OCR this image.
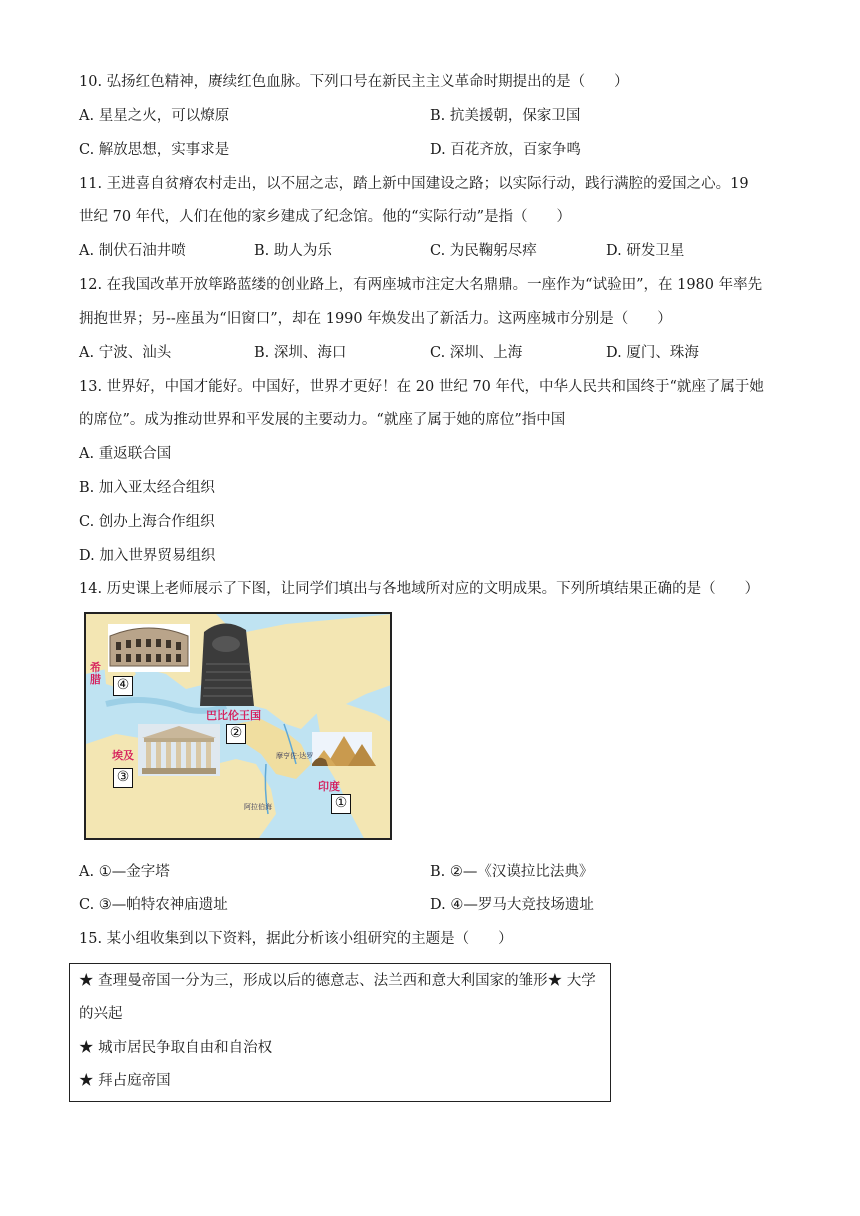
10. 弘扬红色精神，赓续红色血脉。下列口号在新民主主义革命时期提出的是（　　）
A. 星星之火，可以燎原	B. 抗美援朝，保家卫国
C. 解放思想，实事求是	D. 百花齐放，百家争鸣
11. 王进喜自贫瘠农村走出，以不屈之志，踏上新中国建设之路；以实际行动，践行满腔的爱国之心。19
世纪 70 年代，人们在他的家乡建成了纪念馆。他的“实际行动”是指（　　）
A. 制伏石油井喷	B. 助人为乐	C. 为民鞠躬尽瘁	D. 研发卫星
12. 在我国改革开放筚路蓝缕的创业路上，有两座城市注定大名鼎鼎。一座作为“试验田”，在 1980 年率先
拥抱世界；另--座虽为“旧窗口”，却在 1990 年焕发出了新活力。这两座城市分别是（　　）
A. 宁波、汕头	B. 深圳、海口	C. 深圳、上海	D. 厦门、珠海
13. 世界好，中国才能好。中国好，世界才更好！在 20 世纪 70 年代，中华人民共和国终于“就座了属于她
的席位”。成为推动世界和平发展的主要动力。“就座了属于她的席位”指中国
A. 重返联合国
B. 加入亚太经合组织
C. 创办上海合作组织
D. 加入世界贸易组织
14. 历史课上老师展示了下图，让同学们填出与各地域所对应的文明成果。下列所填结果正确的是（　　）
希腊
巴比伦王国
埃及
印度
摩亨佐·达罗
阿拉伯海	①
②
③
④
A. ①—金字塔	B. ②—《汉谟拉比法典》
C. ③—帕特农神庙遗址	D. ④—罗马大竞技场遗址
15. 某小组收集到以下资料，据此分析该小组研究的主题是（　　）
★ 查理曼帝国一分为三，形成以后的德意志、法兰西和意大利国家的雏形★ 大学
的兴起
★ 城市居民争取自由和自治权
★ 拜占庭帝国
